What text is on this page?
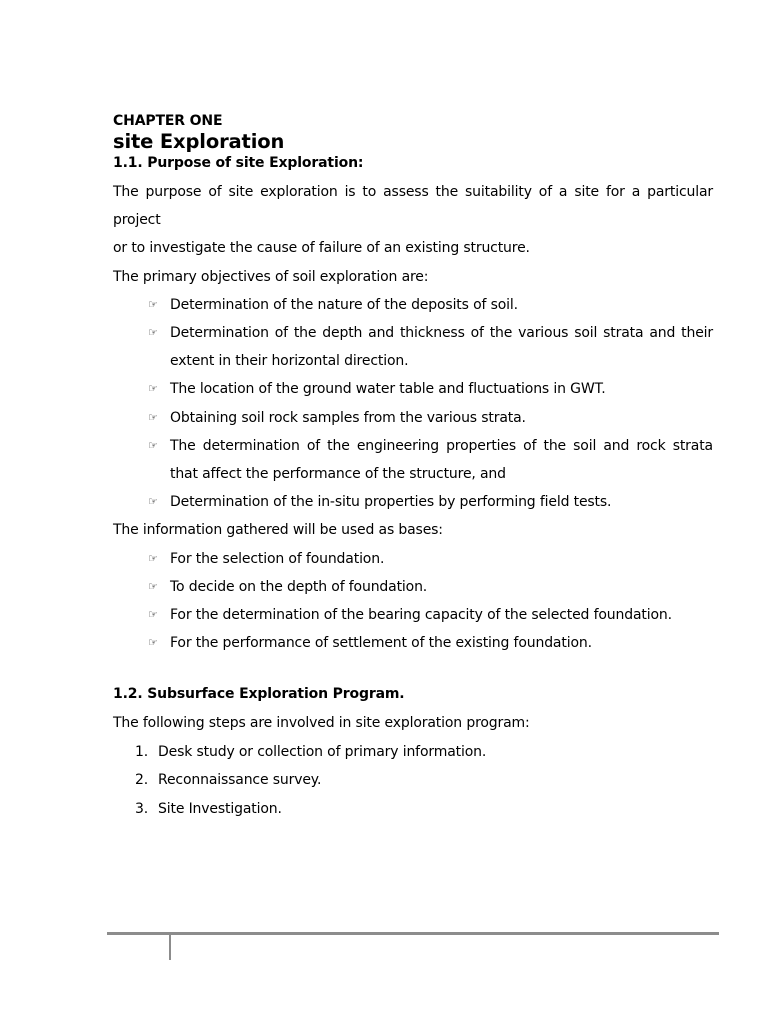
CHAPTER ONE

site Exploration

1.1. Purpose of site Exploration:

The purpose of site exploration is to assess the suitability of a site for a particular project

or to investigate the cause of failure of an existing structure.

The primary objectives of soil exploration are:

☞ Determination of the nature of the deposits of soil.
☞ Determination of the depth and thickness of the various soil strata and their extent in their horizontal direction.
☞ The location of the ground water table and fluctuations in GWT.
☞ Obtaining soil rock samples from the various strata.
☞ The determination of the engineering properties of the soil and rock strata that affect the performance of the structure, and
☞ Determination of the in-situ properties by performing field tests.

The information gathered will be used as bases:

☞ For the selection of foundation.
☞ To decide on the depth of foundation.
☞ For the determination of the bearing capacity of the selected foundation.
☞ For the performance of settlement of the existing foundation.

1.2. Subsurface Exploration Program.

The following steps are involved in site exploration program:

1. Desk study or collection of primary information.
2. Reconnaissance survey.
3. Site Investigation.
